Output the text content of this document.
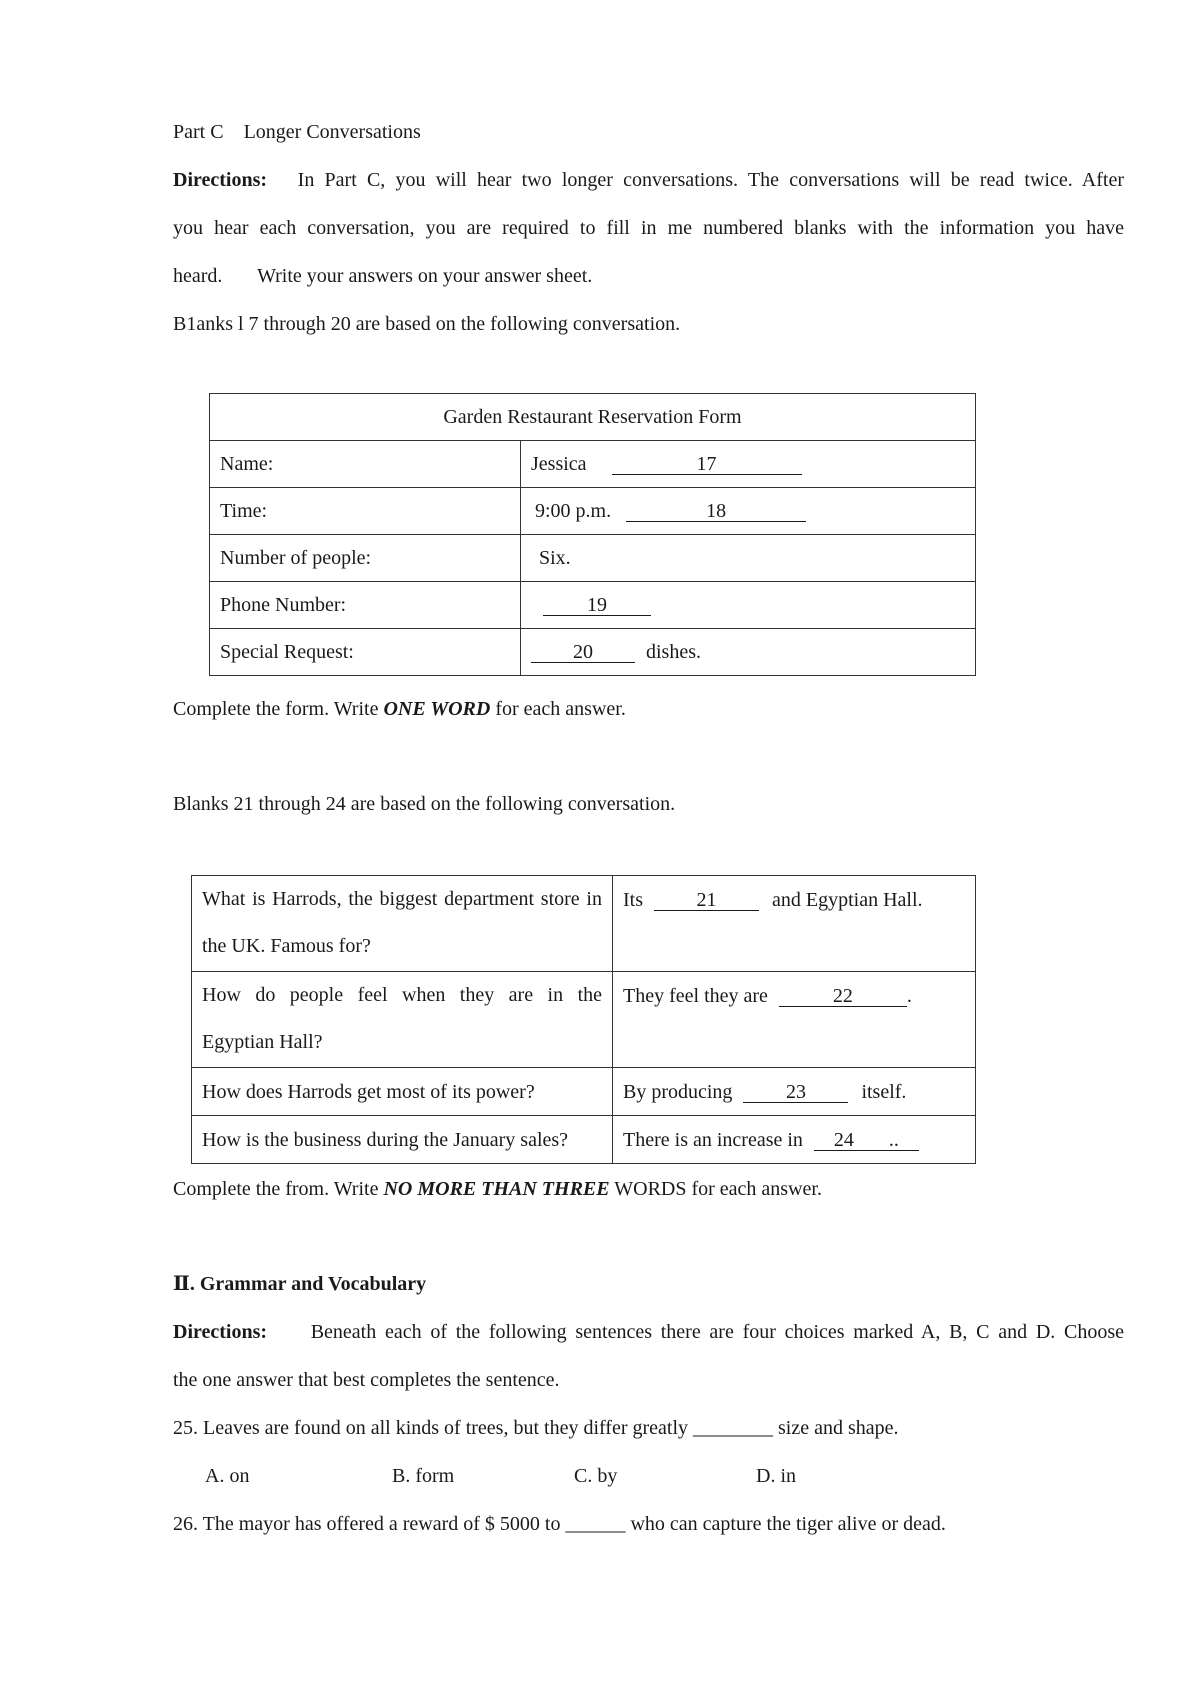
Part C Longer Conversations
Directions: In Part C, you will hear two longer conversations. The conversations will be read twice. After
you hear each conversation, you are required to fill in me numbered blanks with the information you have
heard. Write your answers on your answer sheet.
B1anks l 7 through 20 are based on the following conversation.
Garden Restaurant Reservation Form	
Name:	Jessica 17
Time:	9:00 p.m. 18
Number of people:	Six.
Phone Number:	19
Special Request:	20 dishes.
Complete the form. Write ONE WORD for each answer.
Blanks 21 through 24 are based on the following conversation.
What is Harrods, the biggest department store in the UK. Famous for?	Its 21 and Egyptian Hall.

How do people feel when they are in the Egyptian Hall?	They feel they are 22 .
How does Harrods get most of its power?	By producing 23 itself.
How is the business during the January sales?	There is an increase in 24 ..
Complete the from. Write NO MORE THAN THREE WORDS for each answer.
Ⅱ. Grammar and Vocabulary
Directions: Beneath each of the following sentences there are four choices marked A, B, C and D. Choose
the one answer that best completes the sentence.
25. Leaves are found on all kinds of trees, but they differ greatly ________ size and shape.
A. on	B. form	C. by	D. in
26. The mayor has offered a reward of $ 5000 to ______ who can capture the tiger alive or dead.
